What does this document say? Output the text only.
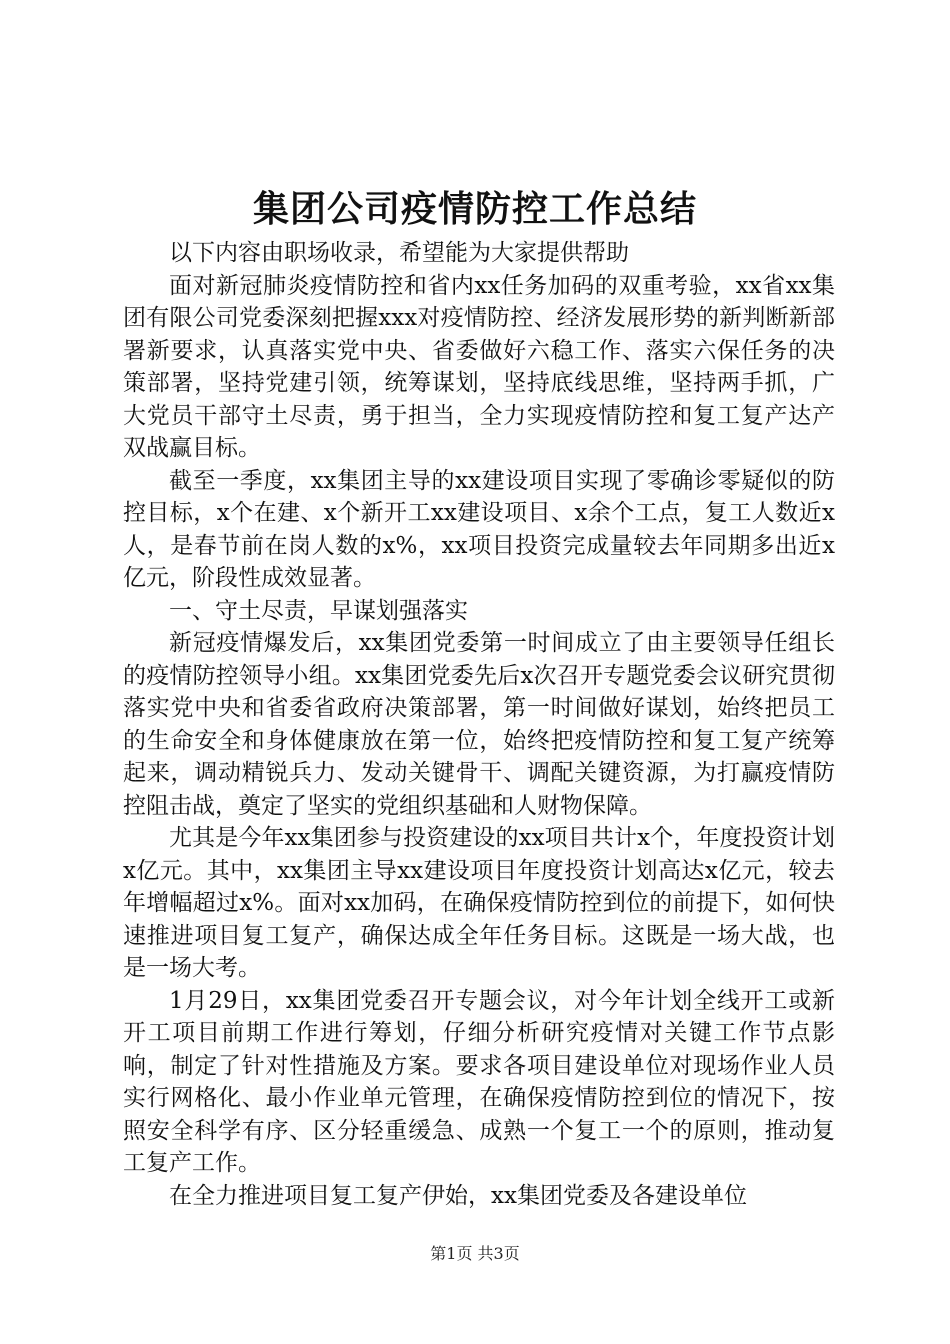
集团公司疫情防控工作总结

以下内容由职场收录，希望能为大家提供帮助

面对新冠肺炎疫情防控和省内xx任务加码的双重考验，xx省xx集团有限公司党委深刻把握xxx对疫情防控、经济发展形势的新判断新部署新要求，认真落实党中央、省委做好六稳工作、落实六保任务的决策部署，坚持党建引领，统筹谋划，坚持底线思维，坚持两手抓，广大党员干部守土尽责，勇于担当，全力实现疫情防控和复工复产达产双战赢目标。

截至一季度，xx集团主导的xx建设项目实现了零确诊零疑似的防控目标，x个在建、x个新开工xx建设项目、x余个工点，复工人数近x人，是春节前在岗人数的x%，xx项目投资完成量较去年同期多出近x亿元，阶段性成效显著。

一、守土尽责，早谋划强落实

新冠疫情爆发后，xx集团党委第一时间成立了由主要领导任组长的疫情防控领导小组。xx集团党委先后x次召开专题党委会议研究贯彻落实党中央和省委省政府决策部署，第一时间做好谋划，始终把员工的生命安全和身体健康放在第一位，始终把疫情防控和复工复产统筹起来，调动精锐兵力、发动关键骨干、调配关键资源，为打赢疫情防控阻击战，奠定了坚实的党组织基础和人财物保障。

尤其是今年xx集团参与投资建设的xx项目共计x个，年度投资计划x亿元。其中，xx集团主导xx建设项目年度投资计划高达x亿元，较去年增幅超过x%。面对xx加码，在确保疫情防控到位的前提下，如何快速推进项目复工复产，确保达成全年任务目标。这既是一场大战，也是一场大考。

1月29日，xx集团党委召开专题会议，对今年计划全线开工或新开工项目前期工作进行筹划，仔细分析研究疫情对关键工作节点影响，制定了针对性措施及方案。要求各项目建设单位对现场作业人员实行网格化、最小作业单元管理，在确保疫情防控到位的情况下，按照安全科学有序、区分轻重缓急、成熟一个复工一个的原则，推动复工复产工作。

在全力推进项目复工复产伊始，xx集团党委及各建设单位

第1页 共3页
